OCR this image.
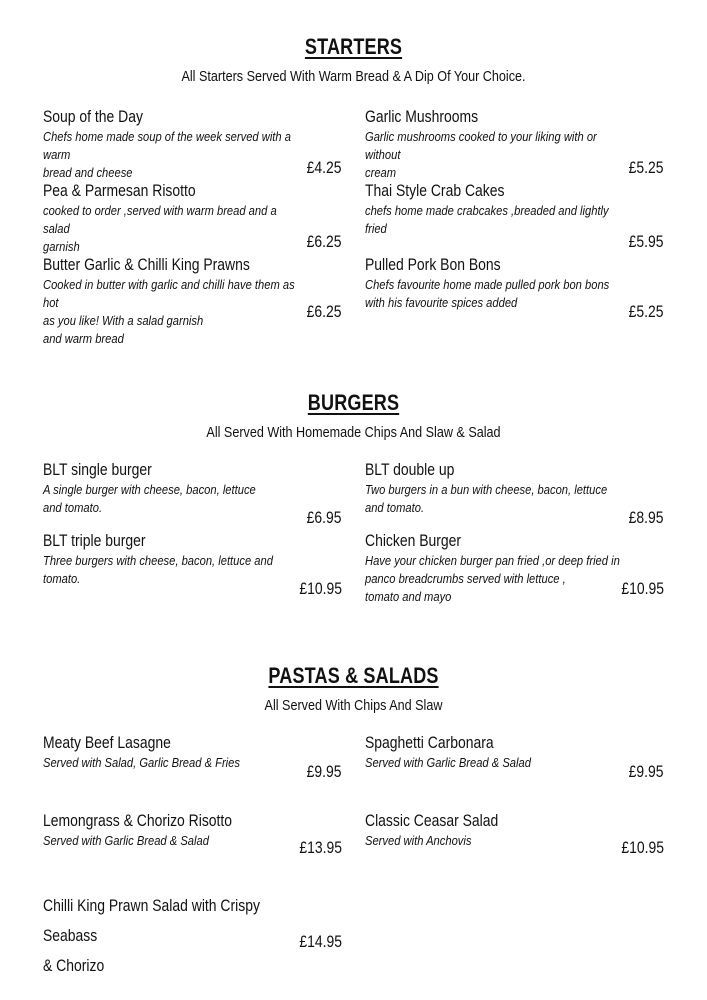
STARTERS
All Starters Served With Warm Bread & A Dip Of Your Choice.
Soup of the Day
Chefs home made soup of the week served with a warm
bread and cheese	£4.25
Garlic Mushrooms
Garlic mushrooms cooked to your liking with or without
cream	£5.25
Pea & Parmesan Risotto
cooked to order ,served with warm bread and a salad
garnish	£6.25
Thai Style Crab Cakes
chefs home made crabcakes ,breaded and lightly fried
£5.95
Butter Garlic & Chilli King Prawns
Cooked in butter with garlic and chilli have them as hot
as you like! With a salad garnish
and warm bread
£6.25
Pulled Pork Bon Bons
Chefs favourite home made pulled pork bon bons
with his favourite spices added	£5.25
BURGERS
All Served With Homemade Chips And Slaw & Salad
BLT single burger
A single burger with cheese, bacon, lettuce
and tomato.
£6.95
BLT double up
Two burgers in a bun with cheese, bacon, lettuce
and tomato.
£8.95
BLT triple burger
Three burgers with cheese, bacon, lettuce and tomato.
£10.95
Chicken Burger
Have your chicken burger pan fried ,or deep fried in
panco breadcrumbs served with lettuce ,
tomato and mayo	£10.95
PASTAS & SALADS
All Served With Chips And Slaw
Meaty Beef Lasagne
Served with Salad, Garlic Bread & Fries	£9.95
Spaghetti Carbonara
Served with Garlic Bread & Salad	£9.95
Lemongrass & Chorizo Risotto
Served with Garlic Bread & Salad	£13.95
Classic Ceasar Salad
Served with Anchovis	£10.95
Chilli King Prawn Salad with Crispy Seabass
& Chorizo
£14.95
